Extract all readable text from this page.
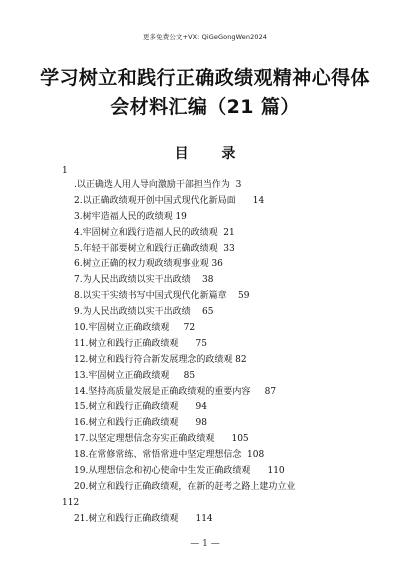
更多免费公文+VX: QiGeGongWen2024
学习树立和践行正确政绩观精神心得体
会材料汇编（21 篇）
目 录
1
.以正确选人用人导向激励干部担当作为  3
2.以正确政绩观开创中国式现代化新局面      14
3.树牢造福人民的政绩观 19
4.牢固树立和践行造福人民的政绩观  21
5.年轻干部要树立和践行正确政绩观  33
6.树立正确的权力观政绩观事业观 36
7.为人民出政绩以实干出政绩    38
8.以实干实绩书写中国式现代化新篇章    59
9.为人民出政绩以实干出政绩    65
10.牢固树立正确政绩观     72
11.树立和践行正确政绩观      75
12.树立和践行符合新发展理念的政绩观 82
13.牢固树立正确政绩观     85
14.坚持高质量发展是正确政绩观的重要内容     87
15.树立和践行正确政绩观      94
16.树立和践行正确政绩观      98
17.以坚定理想信念夯实正确政绩观      105
18.在常修常练、常悟常进中坚定理想信念  108
19.从理想信念和初心使命中生发正确政绩观      110
20.树立和践行正确政绩观，在新的赶考之路上建功立业
112
21.树立和践行正确政绩观      114
— 1 —
